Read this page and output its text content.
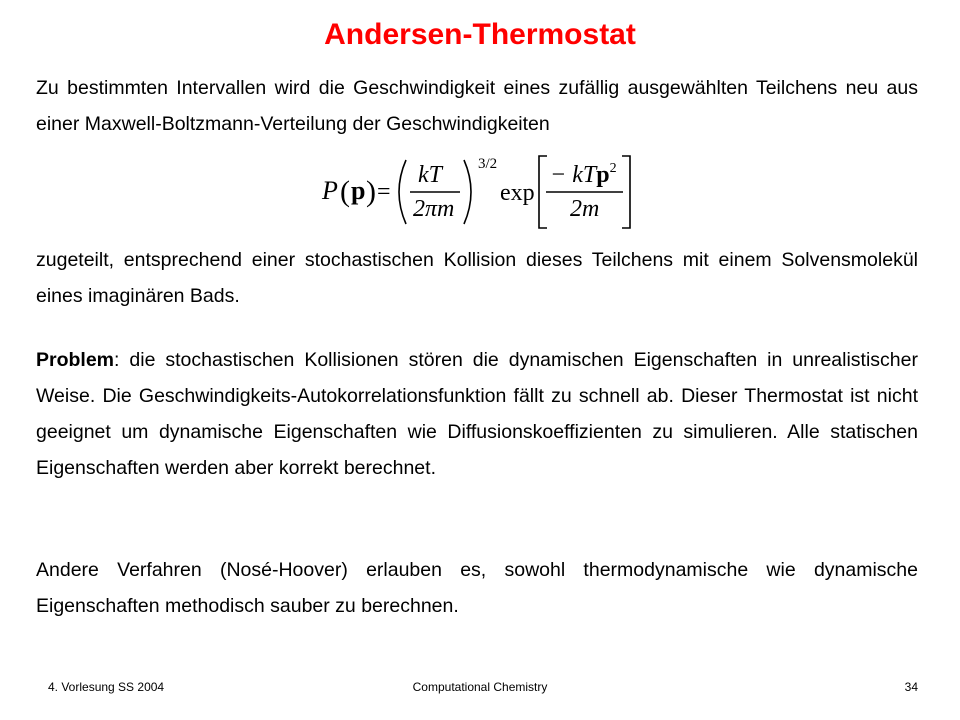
Andersen-Thermostat
Zu bestimmten Intervallen wird die Geschwindigkeit eines zufällig ausgewählten Teilchens neu aus einer Maxwell-Boltzmann-Verteilung der Geschwindigkeiten
P ( p ) =
kT
2πm
3/2
exp
− kTp$^2$
2m
zugeteilt, entsprechend einer stochastischen Kollision dieses Teilchens mit einem Solvensmolekül eines imaginären Bads.
Problem: die stochastischen Kollisionen stören die dynamischen Eigenschaften in unrealistischer Weise. Die Geschwindigkeits-Autokorrelationsfunktion fällt zu schnell ab. Dieser Thermostat ist nicht geeignet um dynamische Eigenschaften wie Diffusionskoeffizienten zu simulieren. Alle statischen Eigenschaften werden aber korrekt berechnet.
Andere Verfahren (Nosé-Hoover) erlauben es, sowohl thermodynamische wie dynamische Eigenschaften methodisch sauber zu berechnen.
4. Vorlesung SS 2004	Computational Chemistry	34
